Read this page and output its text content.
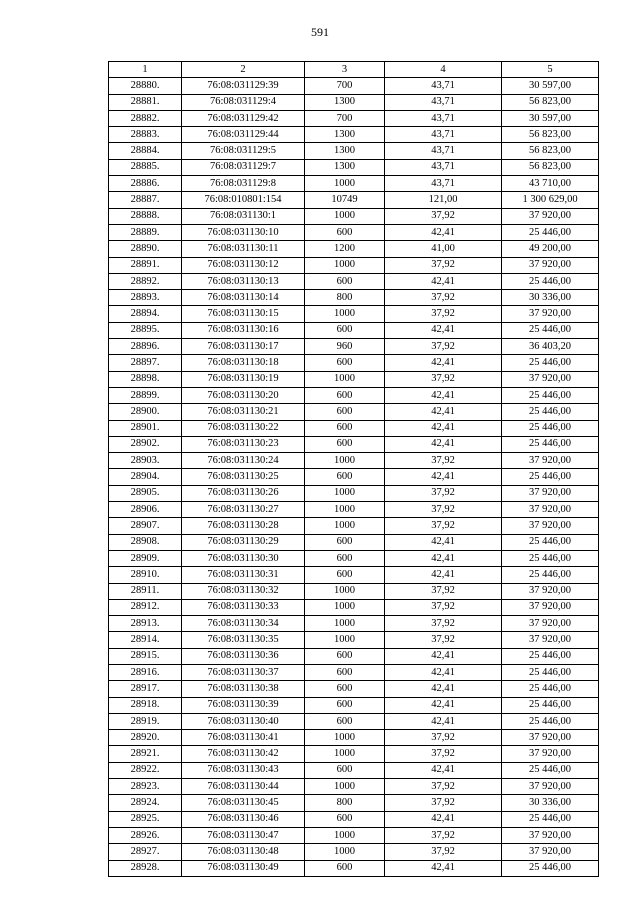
591
1	2	3	4	5
28880.	76:08:031129:39	700	43,71	30 597,00
28881.	76:08:031129:4	1300	43,71	56 823,00
28882.	76:08:031129:42	700	43,71	30 597,00
28883.	76:08:031129:44	1300	43,71	56 823,00
28884.	76:08:031129:5	1300	43,71	56 823,00
28885.	76:08:031129:7	1300	43,71	56 823,00
28886.	76:08:031129:8	1000	43,71	43 710,00
28887.	76:08:010801:154	10749	121,00	1 300 629,00
28888.	76:08:031130:1	1000	37,92	37 920,00
28889.	76:08:031130:10	600	42,41	25 446,00
28890.	76:08:031130:11	1200	41,00	49 200,00
28891.	76:08:031130:12	1000	37,92	37 920,00
28892.	76:08:031130:13	600	42,41	25 446,00
28893.	76:08:031130:14	800	37,92	30 336,00
28894.	76:08:031130:15	1000	37,92	37 920,00
28895.	76:08:031130:16	600	42,41	25 446,00
28896.	76:08:031130:17	960	37,92	36 403,20
28897.	76:08:031130:18	600	42,41	25 446,00
28898.	76:08:031130:19	1000	37,92	37 920,00
28899.	76:08:031130:20	600	42,41	25 446,00
28900.	76:08:031130:21	600	42,41	25 446,00
28901.	76:08:031130:22	600	42,41	25 446,00
28902.	76:08:031130:23	600	42,41	25 446,00
28903.	76:08:031130:24	1000	37,92	37 920,00
28904.	76:08:031130:25	600	42,41	25 446,00
28905.	76:08:031130:26	1000	37,92	37 920,00
28906.	76:08:031130:27	1000	37,92	37 920,00
28907.	76:08:031130:28	1000	37,92	37 920,00
28908.	76:08:031130:29	600	42,41	25 446,00
28909.	76:08:031130:30	600	42,41	25 446,00
28910.	76:08:031130:31	600	42,41	25 446,00
28911.	76:08:031130:32	1000	37,92	37 920,00
28912.	76:08:031130:33	1000	37,92	37 920,00
28913.	76:08:031130:34	1000	37,92	37 920,00
28914.	76:08:031130:35	1000	37,92	37 920,00
28915.	76:08:031130:36	600	42,41	25 446,00
28916.	76:08:031130:37	600	42,41	25 446,00
28917.	76:08:031130:38	600	42,41	25 446,00
28918.	76:08:031130:39	600	42,41	25 446,00
28919.	76:08:031130:40	600	42,41	25 446,00
28920.	76:08:031130:41	1000	37,92	37 920,00
28921.	76:08:031130:42	1000	37,92	37 920,00
28922.	76:08:031130:43	600	42,41	25 446,00
28923.	76:08:031130:44	1000	37,92	37 920,00
28924.	76:08:031130:45	800	37,92	30 336,00
28925.	76:08:031130:46	600	42,41	25 446,00
28926.	76:08:031130:47	1000	37,92	37 920,00
28927.	76:08:031130:48	1000	37,92	37 920,00
28928.	76:08:031130:49	600	42,41	25 446,00
